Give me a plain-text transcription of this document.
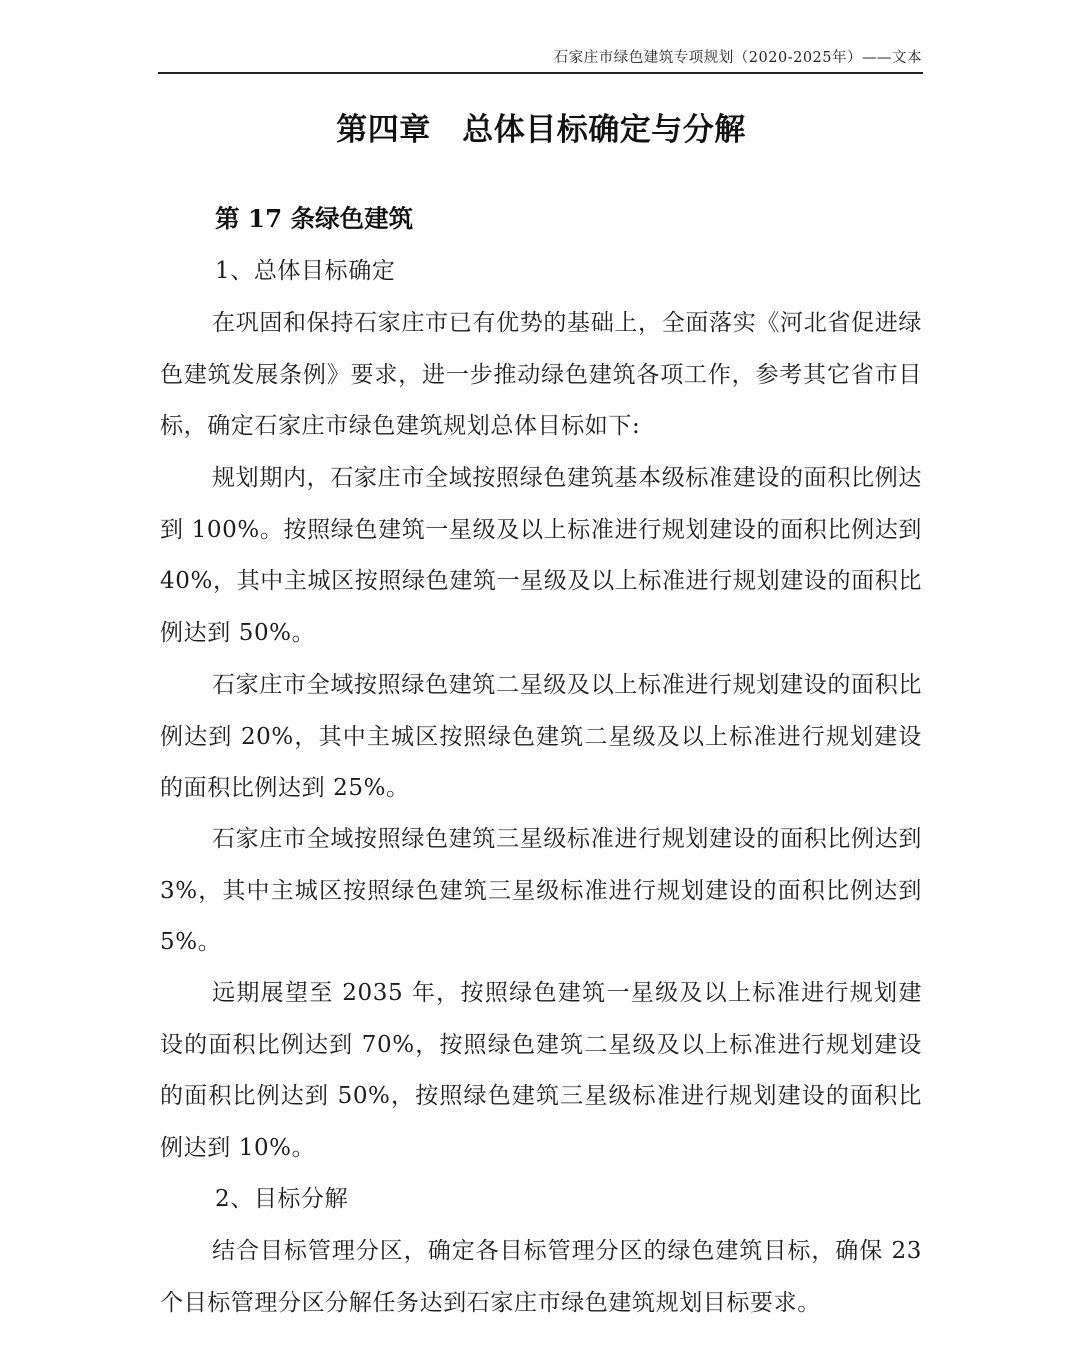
石家庄市绿色建筑专项规划（2020-2025年）——文本
第四章　总体目标确定与分解
第 17 条绿色建筑
1、总体目标确定
在巩固和保持石家庄市已有优势的基础上，全面落实《河北省促进绿色建筑发展条例》要求，进一步推动绿色建筑各项工作，参考其它省市目标，确定石家庄市绿色建筑规划总体目标如下:
规划期内，石家庄市全域按照绿色建筑基本级标准建设的面积比例达到 100%。按照绿色建筑一星级及以上标准进行规划建设的面积比例达到 40%，其中主城区按照绿色建筑一星级及以上标准进行规划建设的面积比例达到 50%。
石家庄市全域按照绿色建筑二星级及以上标准进行规划建设的面积比例达到 20%，其中主城区按照绿色建筑二星级及以上标准进行规划建设的面积比例达到 25%。
石家庄市全域按照绿色建筑三星级标准进行规划建设的面积比例达到 3%，其中主城区按照绿色建筑三星级标准进行规划建设的面积比例达到 5%。
远期展望至 2035 年，按照绿色建筑一星级及以上标准进行规划建设的面积比例达到 70%，按照绿色建筑二星级及以上标准进行规划建设的面积比例达到 50%，按照绿色建筑三星级标准进行规划建设的面积比例达到 10%。
2、目标分解
结合目标管理分区，确定各目标管理分区的绿色建筑目标，确保 23 个目标管理分区分解任务达到石家庄市绿色建筑规划目标要求。
